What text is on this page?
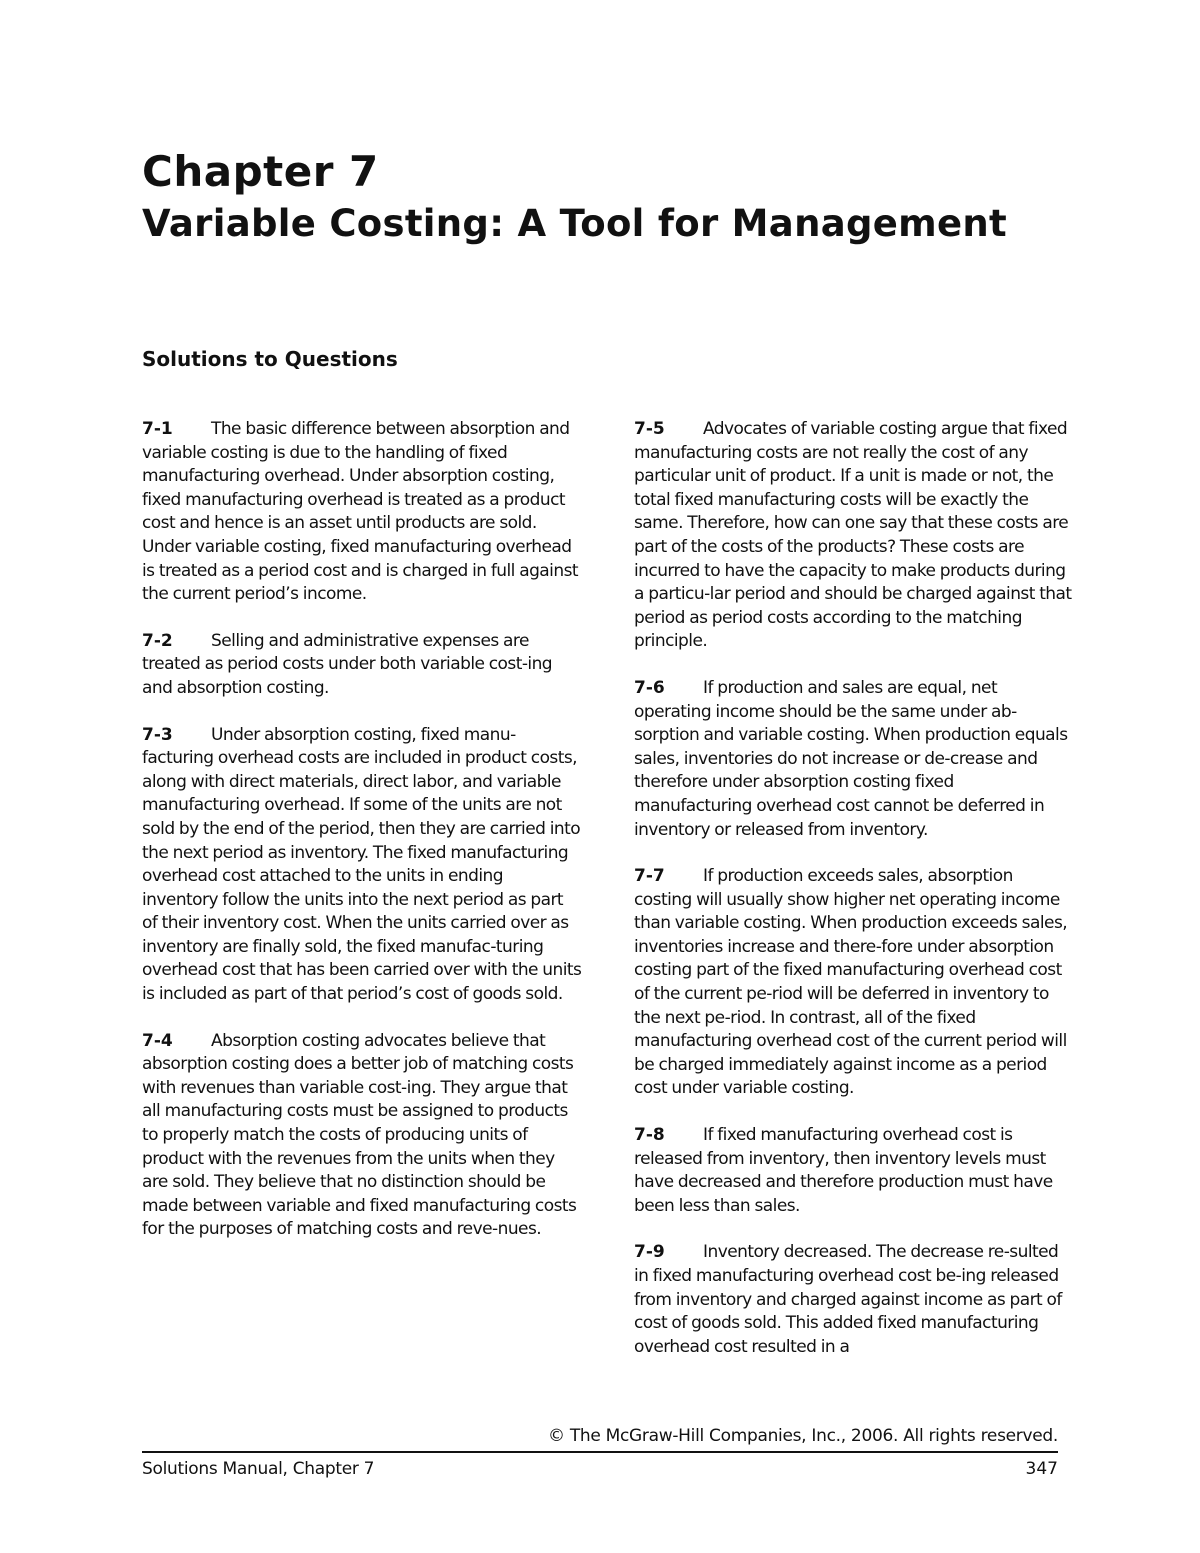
Chapter 7
Variable Costing: A Tool for Management
Solutions to Questions

7-1 The basic difference between absorption and variable costing is due to the handling of fixed manufacturing overhead. Under absorption costing, fixed manufacturing overhead is treated as a product cost and hence is an asset until products are sold. Under variable costing, fixed manufacturing overhead is treated as a period cost and is charged in full against the current period’s income.

7-2 Selling and administrative expenses are treated as period costs under both variable cost-ing and absorption costing.

7-3 Under absorption costing, fixed manu-facturing overhead costs are included in product costs, along with direct materials, direct labor, and variable manufacturing overhead. If some of the units are not sold by the end of the period, then they are carried into the next period as inventory. The fixed manufacturing overhead cost attached to the units in ending inventory follow the units into the next period as part of their inventory cost. When the units carried over as inventory are finally sold, the fixed manufac-turing overhead cost that has been carried over with the units is included as part of that period’s cost of goods sold.

7-4 Absorption costing advocates believe that absorption costing does a better job of matching costs with revenues than variable cost-ing. They argue that all manufacturing costs must be assigned to products to properly match the costs of producing units of product with the revenues from the units when they are sold. They believe that no distinction should be made between variable and fixed manufacturing costs for the purposes of matching costs and reve-nues.

7-5 Advocates of variable costing argue that fixed manufacturing costs are not really the cost of any particular unit of product. If a unit is made or not, the total fixed manufacturing costs will be exactly the same. Therefore, how can one say that these costs are part of the costs of the products? These costs are incurred to have the capacity to make products during a particu-lar period and should be charged against that period as period costs according to the matching principle.

7-6 If production and sales are equal, net operating income should be the same under ab-sorption and variable costing. When production equals sales, inventories do not increase or de-crease and therefore under absorption costing fixed manufacturing overhead cost cannot be deferred in inventory or released from inventory.

7-7 If production exceeds sales, absorption costing will usually show higher net operating income than variable costing. When production exceeds sales, inventories increase and there-fore under absorption costing part of the fixed manufacturing overhead cost of the current pe-riod will be deferred in inventory to the next pe-riod. In contrast, all of the fixed manufacturing overhead cost of the current period will be charged immediately against income as a period cost under variable costing.

7-8 If fixed manufacturing overhead cost is released from inventory, then inventory levels must have decreased and therefore production must have been less than sales.

7-9 Inventory decreased. The decrease re-sulted in fixed manufacturing overhead cost be-ing released from inventory and charged against income as part of cost of goods sold. This added fixed manufacturing overhead cost resulted in a

© The McGraw-Hill Companies, Inc., 2006. All rights reserved.
Solutions Manual, Chapter 7	347
